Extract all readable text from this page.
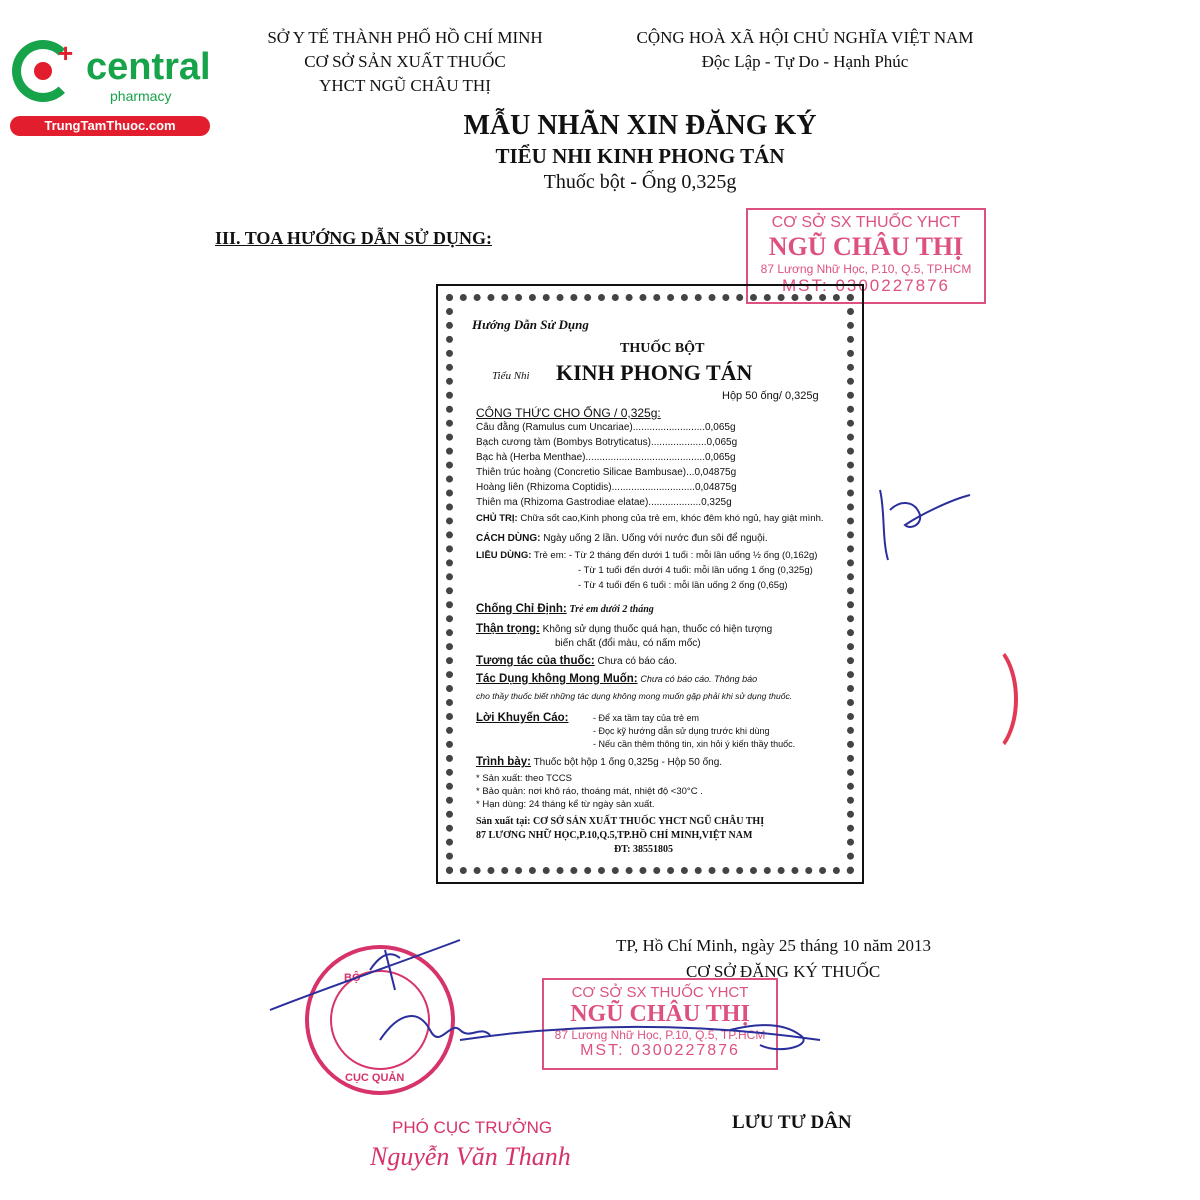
+ central
pharmacy
TrungTamThuoc.com
SỞ Y TẾ THÀNH PHỐ HỒ CHÍ MINH
CƠ SỞ SẢN XUẤT THUỐC
YHCT NGŨ CHÂU THỊ
CỘNG HOÀ XÃ HỘI CHỦ NGHĨA VIỆT NAM
Độc Lập - Tự Do - Hạnh Phúc
MẪU NHÃN XIN ĐĂNG KÝ
TIỂU NHI KINH PHONG TÁN
Thuốc bột - Ống 0,325g
III. TOA HƯỚNG DẪN SỬ DỤNG:
CƠ SỞ SX THUỐC YHCT
NGŨ CHÂU THỊ
87 Lương Nhữ Học, P.10, Q.5, TP.HCM
MST: 0300227876
Hướng Dẫn Sử Dụng
THUỐC BỘT
Tiểu Nhi KINH PHONG TÁN
Hộp 50 ống/ 0,325g
CÔNG THỨC CHO ỐNG / 0,325g:
Câu đằng (Ramulus cum Uncariae)..........................0,065g
Bạch cương tàm (Bombys Botryticatus)....................0,065g
Bạc hà (Herba Menthae)...........................................0,065g
Thiên trúc hoàng (Concretio Silicae Bambusae)...0,04875g
Hoàng liên (Rhizoma Coptidis)..............................0,04875g
Thiên ma (Rhizoma Gastrodiae elatae)...................0,325g
CHỦ TRỊ: Chữa sốt cao,Kinh phong của trẻ em, khóc đêm khó ngủ, hay giật mình.
CÁCH DÙNG: Ngày uống 2 lần. Uống với nước đun sôi để nguội.
LIỀU DÙNG: Trẻ em: - Từ 2 tháng đến dưới 1 tuổi : mỗi lần uống ½ ống (0,162g)
- Từ 1 tuổi đến dưới 4 tuổi: mỗi lần uống 1 ống (0,325g)
- Từ 4 tuổi đến 6 tuổi : mỗi lần uống 2 ống (0,65g)
Chống Chỉ Định: Trẻ em dưới 2 tháng
Thận trọng: Không sử dụng thuốc quá hạn, thuốc có hiện tượng
biến chất (đổi màu, có nấm mốc)
Tương tác của thuốc: Chưa có báo cáo.
Tác Dụng không Mong Muốn: Chưa có báo cáo. Thông báo
cho thầy thuốc biết những tác dụng không mong muốn gặp phải khi sử dụng thuốc.
Lời Khuyến Cáo:	- Để xa tầm tay của trẻ em
- Đọc kỹ hướng dẫn sử dụng trước khi dùng
- Nếu cần thêm thông tin, xin hỏi ý kiến thầy thuốc.
Trình bày: Thuốc bột hộp 1 ống 0,325g - Hộp 50 ống.
* Sản xuất: theo TCCS
* Bảo quản: nơi khô ráo, thoáng mát, nhiệt độ <30°C .
* Hạn dùng: 24 tháng kể từ ngày sản xuất.
Sản xuất tại: CƠ SỞ SẢN XUẤT THUỐC YHCT NGŨ CHÂU THỊ
87 LƯƠNG NHỮ HỌC,P.10,Q.5,TP.HỒ CHÍ MINH,VIỆT NAM
ĐT: 38551805
TP, Hồ Chí Minh, ngày 25 tháng 10 năm 2013
CƠ SỞ ĐĂNG KÝ THUỐC
CƠ SỞ SX THUỐC YHCT
NGŨ CHÂU THỊ
87 Lương Nhữ Học, P.10, Q.5, TP.HCM
MST: 0300227876
BỘ
CỤC QUẢN
LƯU TƯ DÂN
PHÓ CỤC TRƯỞNG
Nguyễn Văn Thanh
